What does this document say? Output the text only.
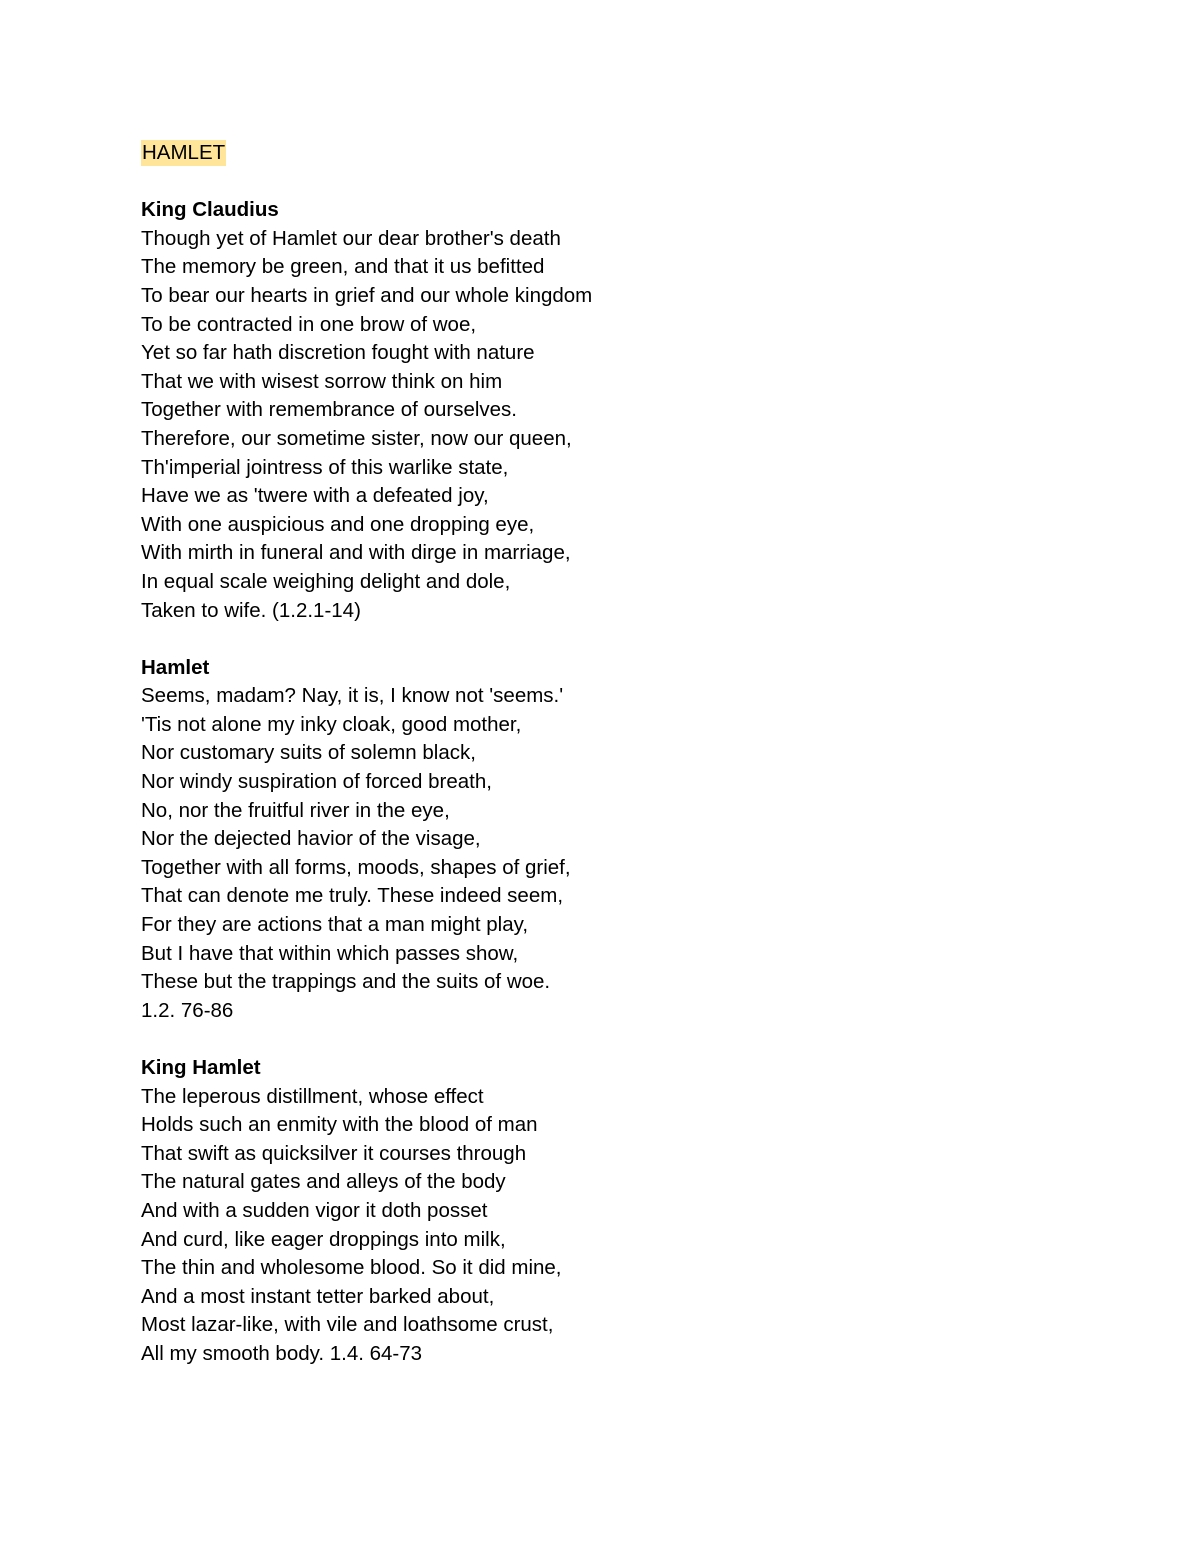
HAMLET

King Claudius

Though yet of Hamlet our dear brother's death

The memory be green, and that it us befitted

To bear our hearts in grief and our whole kingdom

To be contracted in one brow of woe,

Yet so far hath discretion fought with nature

That we with wisest sorrow think on him

Together with remembrance of ourselves.

Therefore, our sometime sister, now our queen,

Th'imperial jointress of this warlike state,

Have we as 'twere with a defeated joy,

With one auspicious and one dropping eye,

With mirth in funeral and with dirge in marriage,

In equal scale weighing delight and dole,

Taken to wife. (1.2.1-14)

Hamlet

Seems, madam? Nay, it is, I know not 'seems.'

'Tis not alone my inky cloak, good mother,

Nor customary suits of solemn black,

Nor windy suspiration of forced breath,

No, nor the fruitful river in the eye,

Nor the dejected havior of the visage,

Together with all forms, moods, shapes of grief,

That can denote me truly. These indeed seem,

For they are actions that a man might play,

But I have that within which passes show,

These but the trappings and the suits of woe.

1.2. 76-86

King Hamlet

The leperous distillment, whose effect

Holds such an enmity with the blood of man

That swift as quicksilver it courses through

The natural gates and alleys of the body

And with a sudden vigor it doth posset

And curd, like eager droppings into milk,

The thin and wholesome blood. So it did mine,

And a most instant tetter barked about,

Most lazar-like, with vile and loathsome crust,

All my smooth body. 1.4. 64-73
